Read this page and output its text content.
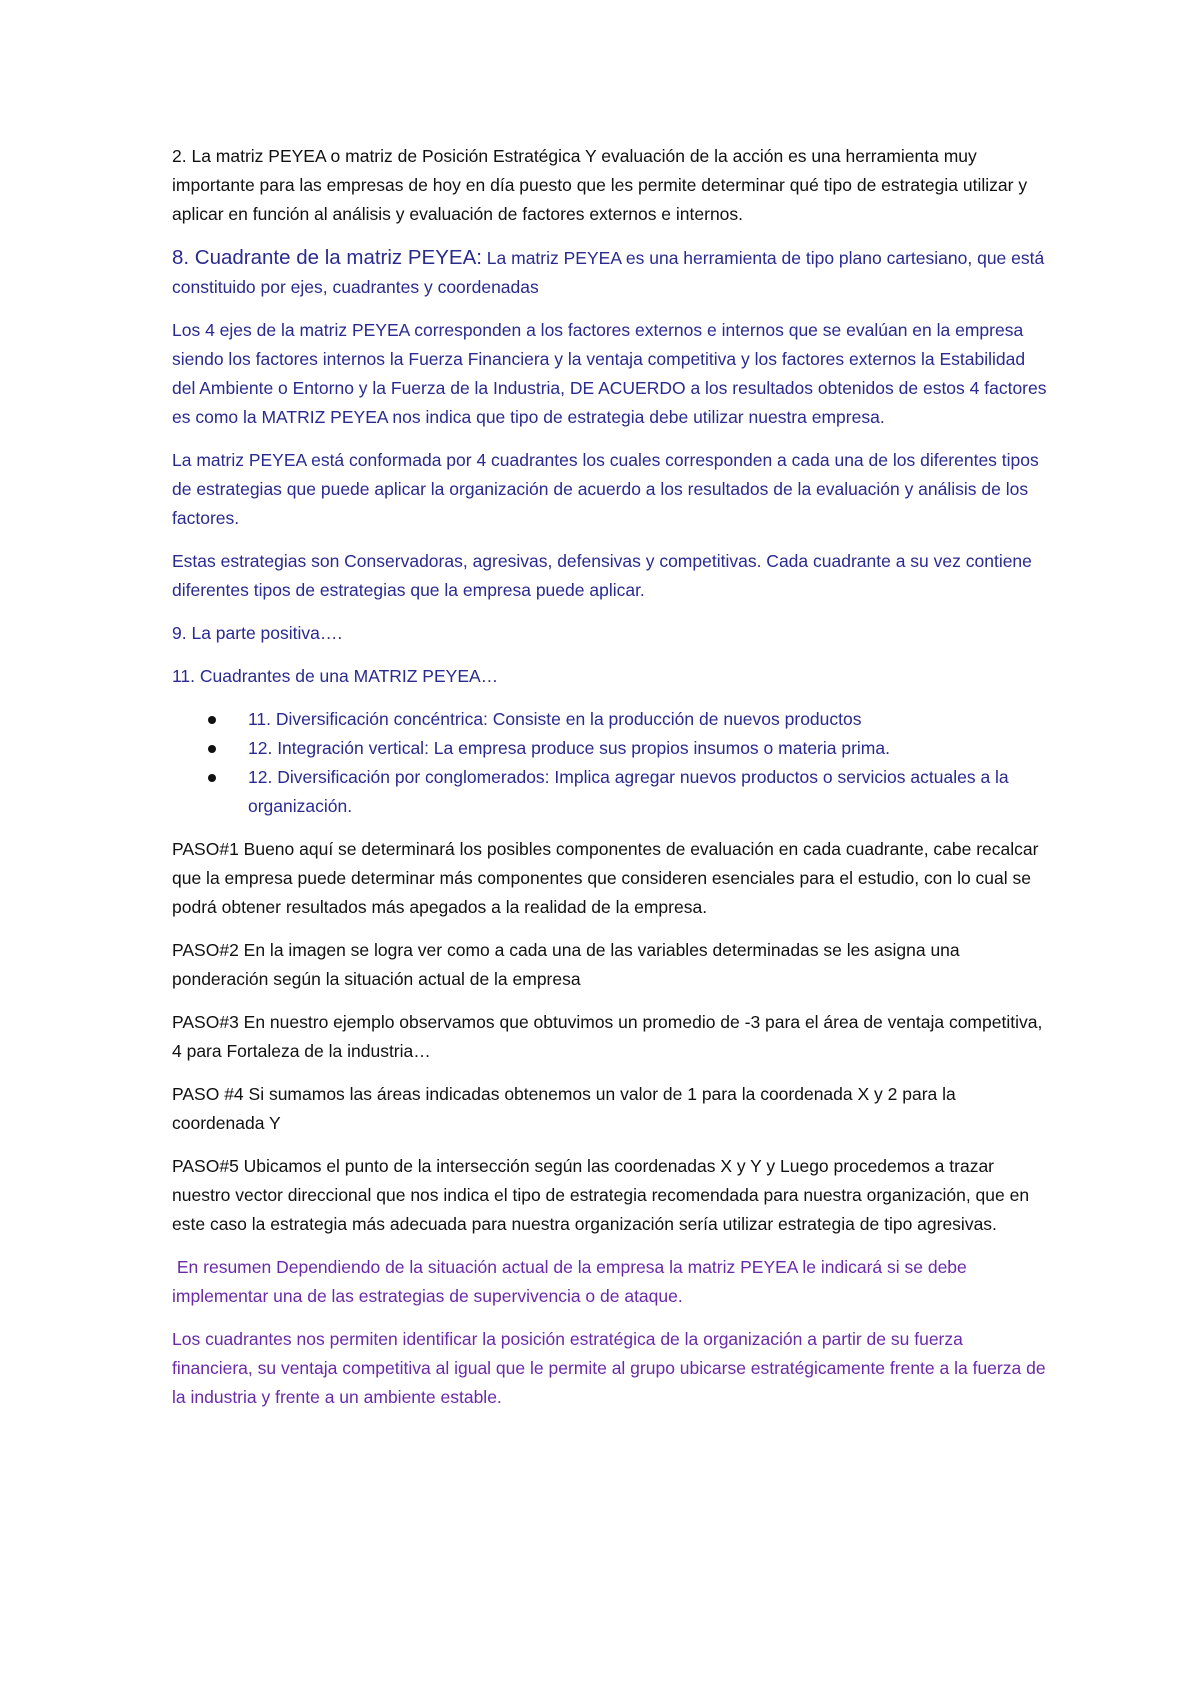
2. La matriz PEYEA o matriz de Posición Estratégica Y evaluación de la acción es una herramienta muy importante para las empresas de hoy en día puesto que les permite determinar qué tipo de estrategia utilizar y aplicar en función al análisis y evaluación de factores externos e internos.

8. Cuadrante de la matriz PEYEA: La matriz PEYEA es una herramienta de tipo plano cartesiano, que está constituido por ejes, cuadrantes y coordenadas

Los 4 ejes de la matriz PEYEA corresponden a los factores externos e internos que se evalúan en la empresa siendo los factores internos la Fuerza Financiera y la ventaja competitiva y los factores externos la Estabilidad del Ambiente o Entorno y la Fuerza de la Industria, DE ACUERDO a los resultados obtenidos de estos 4 factores es como la MATRIZ PEYEA nos indica que tipo de estrategia debe utilizar nuestra empresa.

La matriz PEYEA está conformada por 4 cuadrantes los cuales corresponden a cada una de los diferentes tipos de estrategias que puede aplicar la organización de acuerdo a los resultados de la evaluación y análisis de los factores.

Estas estrategias son Conservadoras, agresivas, defensivas y competitivas. Cada cuadrante a su vez contiene diferentes tipos de estrategias que la empresa puede aplicar.

9. La parte positiva….

11. Cuadrantes de una MATRIZ PEYEA…

11. Diversificación concéntrica: Consiste en la producción de nuevos productos
12. Integración vertical: La empresa produce sus propios insumos o materia prima.
12. Diversificación por conglomerados: Implica agregar nuevos productos o servicios actuales a la organización.

PASO#1 Bueno aquí se determinará los posibles componentes de evaluación en cada cuadrante, cabe recalcar que la empresa puede determinar más componentes que consideren esenciales para el estudio, con lo cual se podrá obtener resultados más apegados a la realidad de la empresa.

PASO#2 En la imagen se logra ver como a cada una de las variables determinadas se les asigna una ponderación según la situación actual de la empresa

PASO#3 En nuestro ejemplo observamos que obtuvimos un promedio de -3 para el área de ventaja competitiva, 4 para Fortaleza de la industria…

PASO #4 Si sumamos las áreas indicadas obtenemos un valor de 1 para la coordenada X y 2 para la coordenada Y

PASO#5 Ubicamos el punto de la intersección según las coordenadas X y Y y Luego procedemos a trazar nuestro vector direccional que nos indica el tipo de estrategia recomendada para nuestra organización, que en este caso la estrategia más adecuada para nuestra organización sería utilizar estrategia de tipo agresivas.

En resumen Dependiendo de la situación actual de la empresa la matriz PEYEA le indicará si se debe implementar una de las estrategias de supervivencia o de ataque.

Los cuadrantes nos permiten identificar la posición estratégica de la organización a partir de su fuerza financiera, su ventaja competitiva al igual que le permite al grupo ubicarse estratégicamente frente a la fuerza de la industria y frente a un ambiente estable.
